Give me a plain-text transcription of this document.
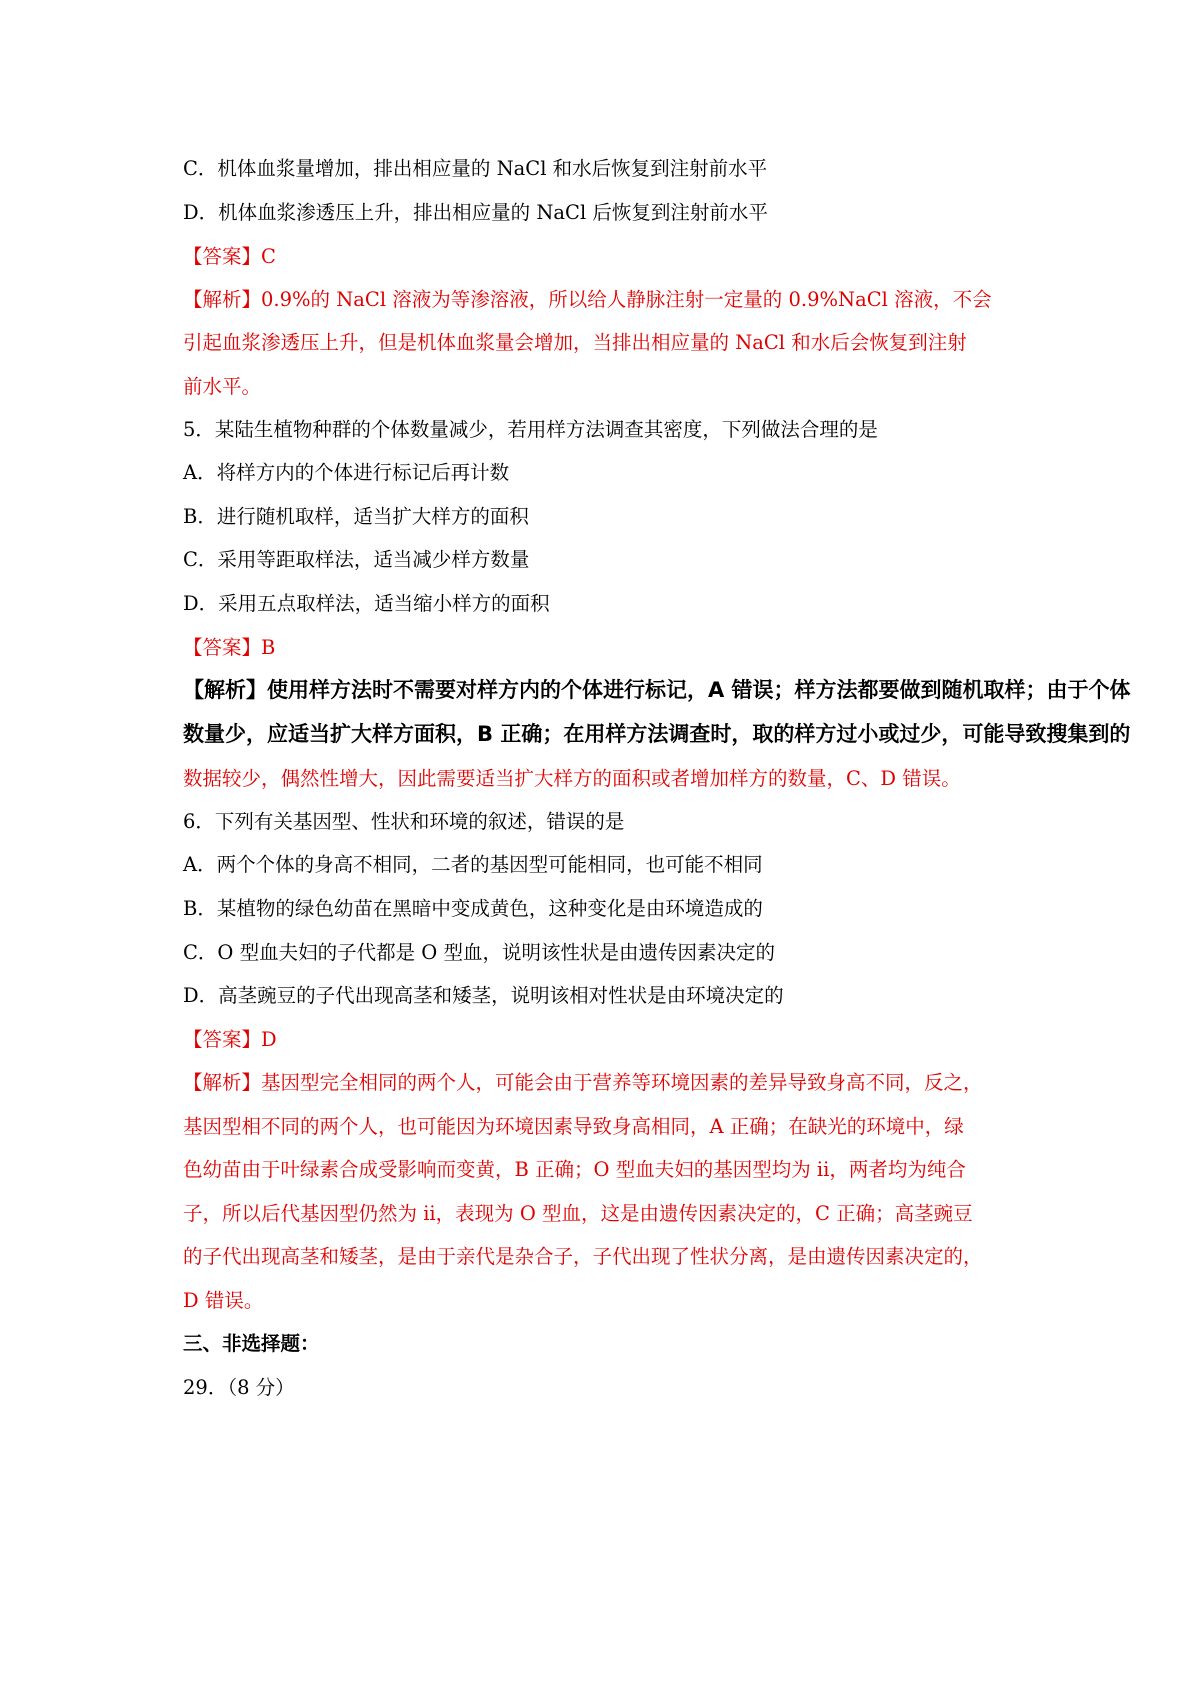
C．机体血浆量增加，排出相应量的 NaCl 和水后恢复到注射前水平
D．机体血浆渗透压上升，排出相应量的 NaCl 后恢复到注射前水平
【答案】C
【解析】0.9%的 NaCl 溶液为等渗溶液，所以给人静脉注射一定量的 0.9%NaCl 溶液，不会
引起血浆渗透压上升，但是机体血浆量会增加，当排出相应量的 NaCl 和水后会恢复到注射
前水平。
5．某陆生植物种群的个体数量减少，若用样方法调查其密度，下列做法合理的是
A．将样方内的个体进行标记后再计数
B．进行随机取样，适当扩大样方的面积
C．采用等距取样法，适当减少样方数量
D．采用五点取样法，适当缩小样方的面积
【答案】B
【解析】使用样方法时不需要对样方内的个体进行标记，A 错误；样方法都要做到随机取样；由于个体
数量少，应适当扩大样方面积，B 正确；在用样方法调查时，取的样方过小或过少，可能导致搜集到的
数据较少，偶然性增大，因此需要适当扩大样方的面积或者增加样方的数量，C、D 错误。
6．下列有关基因型、性状和环境的叙述，错误的是
A．两个个体的身高不相同，二者的基因型可能相同，也可能不相同
B．某植物的绿色幼苗在黑暗中变成黄色，这种变化是由环境造成的
C．O 型血夫妇的子代都是 O 型血，说明该性状是由遗传因素决定的
D．高茎豌豆的子代出现高茎和矮茎，说明该相对性状是由环境决定的
【答案】D
【解析】基因型完全相同的两个人，可能会由于营养等环境因素的差异导致身高不同，反之，
基因型相不同的两个人，也可能因为环境因素导致身高相同，A 正确；在缺光的环境中，绿
色幼苗由于叶绿素合成受影响而变黄，B 正确；O 型血夫妇的基因型均为 ii，两者均为纯合
子，所以后代基因型仍然为 ii，表现为 O 型血，这是由遗传因素决定的，C 正确；高茎豌豆
的子代出现高茎和矮茎，是由于亲代是杂合子，子代出现了性状分离，是由遗传因素决定的，
D 错误。
三、非选择题：
29．（8 分）
